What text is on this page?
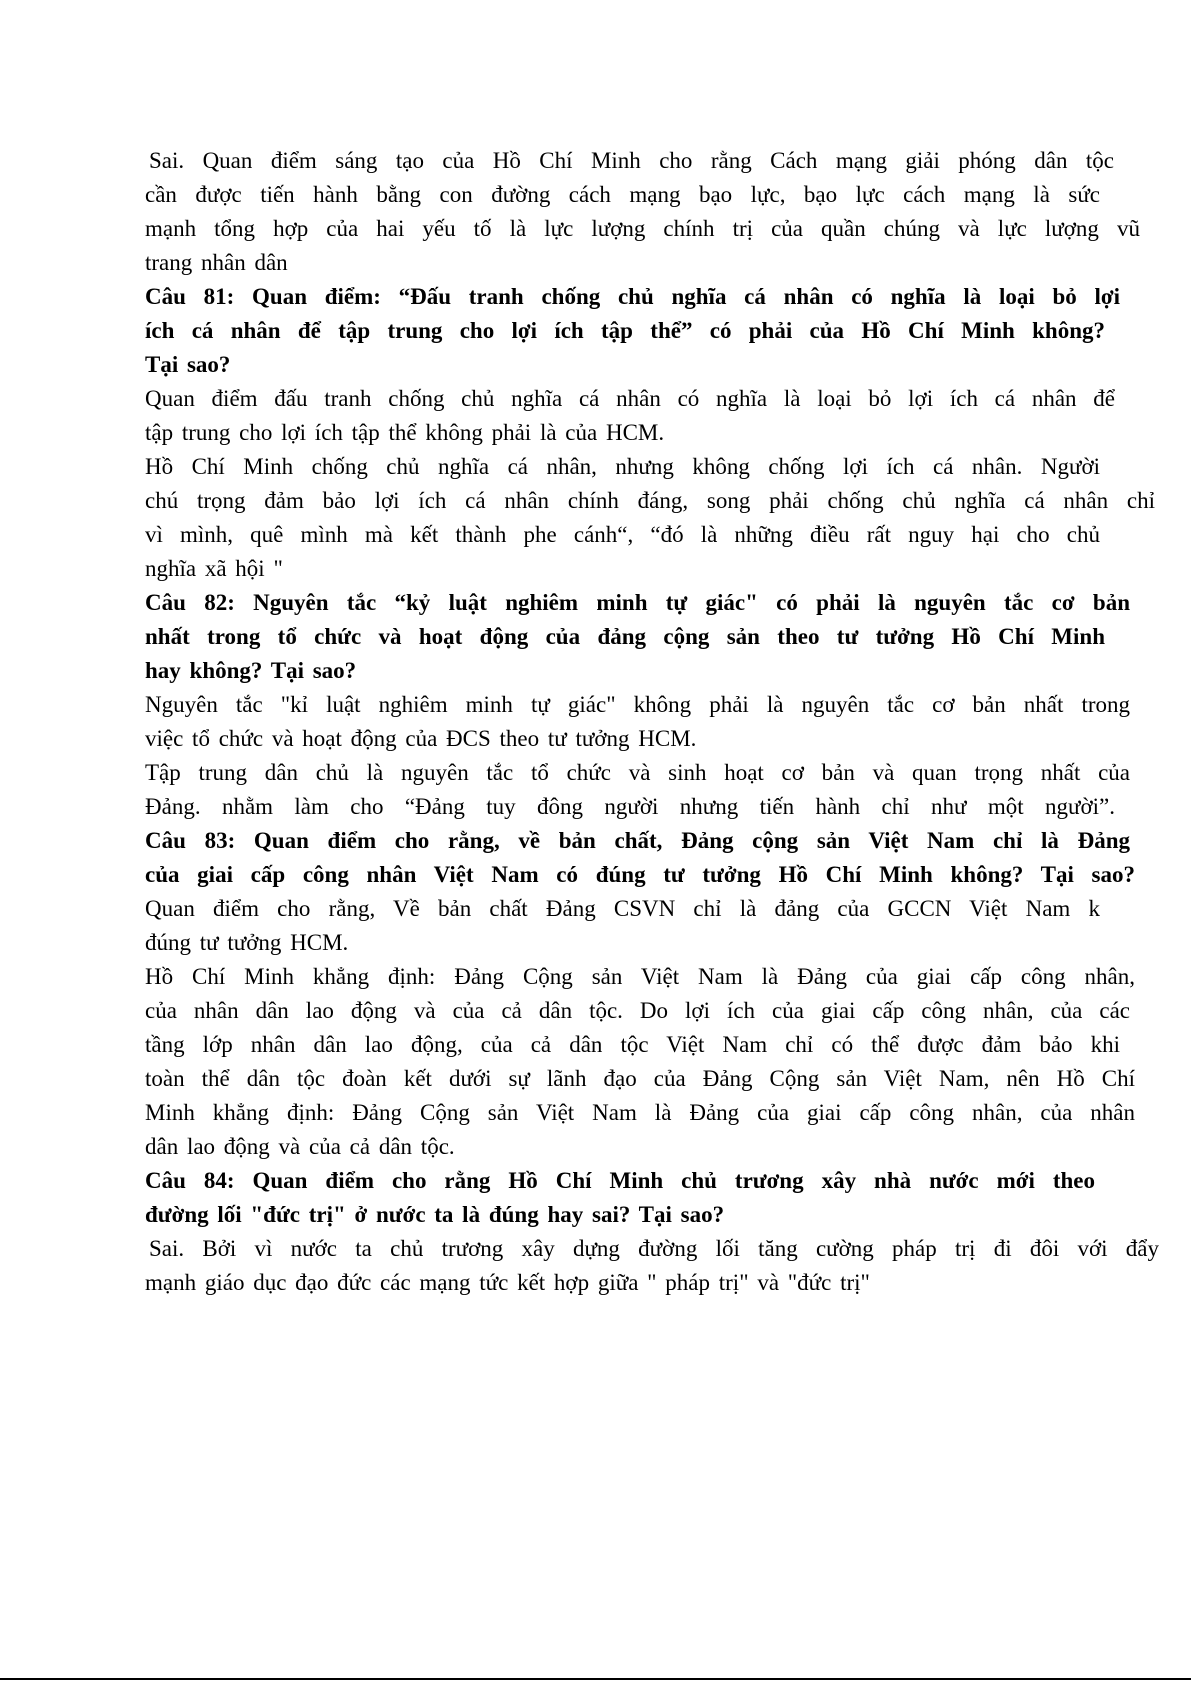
Sai. Quan điểm sáng tạo của Hồ Chí Minh cho rằng Cách mạng giải phóng dân tộc
cần được tiến hành bằng con đường cách mạng bạo lực, bạo lực cách mạng là sức
mạnh tổng hợp của hai yếu tố là lực lượng chính trị của quần chúng và lực lượng vũ
trang nhân dân
Câu 81: Quan điểm: “Đấu tranh chống chủ nghĩa cá nhân có nghĩa là loại bỏ lợi
ích cá nhân để tập trung cho lợi ích tập thể” có phải của Hồ Chí Minh không?
Tại sao?
Quan điểm đấu tranh chống chủ nghĩa cá nhân có nghĩa là loại bỏ lợi ích cá nhân để
tập trung cho lợi ích tập thể không phải là của HCM.
Hồ Chí Minh chống chủ nghĩa cá nhân, nhưng không chống lợi ích cá nhân. Người
chú trọng đảm bảo lợi ích cá nhân chính đáng, song phải chống chủ nghĩa cá nhân chỉ
vì mình, quê mình mà kết thành phe cánh“, “đó là những điều rất nguy hại cho chủ
nghĩa xã hội "
Câu 82: Nguyên tắc “kỷ luật nghiêm minh tự giác" có phải là nguyên tắc cơ bản
nhất trong tổ chức và hoạt động của đảng cộng sản theo tư tưởng Hồ Chí Minh
hay không? Tại sao?
Nguyên tắc "kỉ luật nghiêm minh tự giác" không phải là nguyên tắc cơ bản nhất trong
việc tổ chức và hoạt động của ĐCS theo tư tưởng HCM.
Tập trung dân chủ là nguyên tắc tổ chức và sinh hoạt cơ bản và quan trọng nhất của
Đảng. nhằm làm cho “Đảng tuy đông người nhưng tiến hành chỉ như một người”.
Câu 83: Quan điểm cho rằng, về bản chất, Đảng cộng sản Việt Nam chỉ là Đảng
của giai cấp công nhân Việt Nam có đúng tư tưởng Hồ Chí Minh không? Tại sao?
Quan điểm cho rằng, Về bản chất Đảng CSVN chỉ là đảng của GCCN Việt Nam k
đúng tư tưởng HCM.
Hồ Chí Minh khẳng định: Đảng Cộng sản Việt Nam là Đảng của giai cấp công nhân,
của nhân dân lao động và của cả dân tộc. Do lợi ích của giai cấp công nhân, của các
tầng lớp nhân dân lao động, của cả dân tộc Việt Nam chỉ có thể được đảm bảo khi
toàn thể dân tộc đoàn kết dưới sự lãnh đạo của Đảng Cộng sản Việt Nam, nên Hồ Chí
Minh khẳng định: Đảng Cộng sản Việt Nam là Đảng của giai cấp công nhân, của nhân
dân lao động và của cả dân tộc.
Câu 84: Quan điểm cho rằng Hồ Chí Minh chủ trương xây nhà nước mới theo
đường lối "đức trị" ở nước ta là đúng hay sai? Tại sao?
Sai. Bởi vì nước ta chủ trương xây dựng đường lối tăng cường pháp trị đi đôi với đẩy
mạnh giáo dục đạo đức các mạng tức kết hợp giữa " pháp trị" và "đức trị"
